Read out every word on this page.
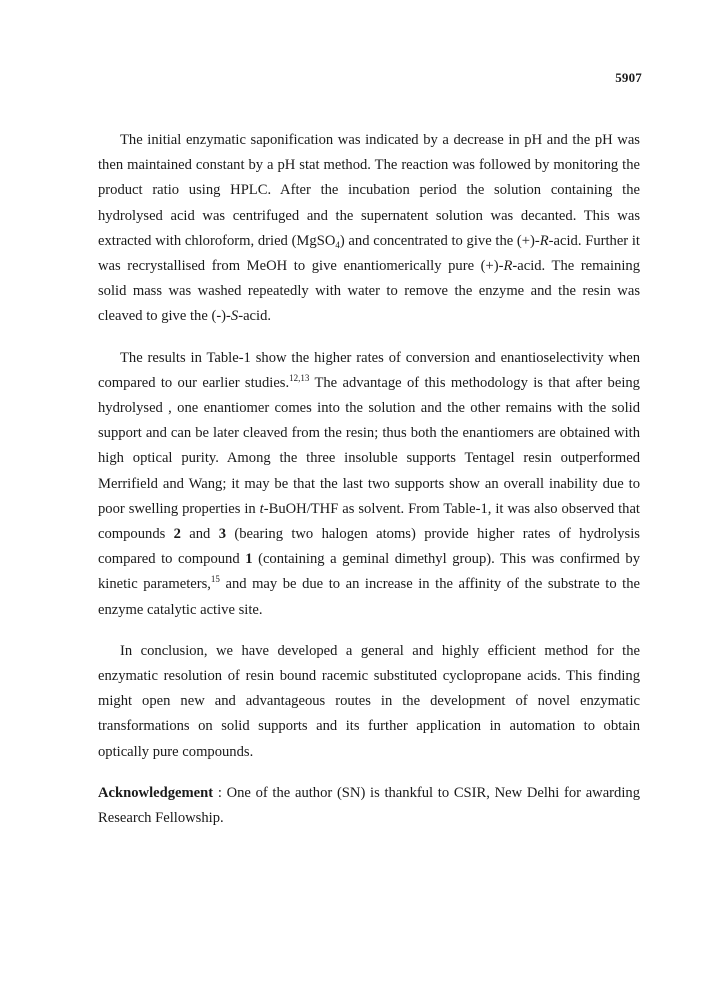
5907

The initial enzymatic saponification was indicated by a decrease in pH and the pH was then maintained constant by a pH stat method. The reaction was followed by monitoring the product ratio using HPLC. After the incubation period the solution containing the hydrolysed acid was centrifuged and the supernatent solution was decanted. This was extracted with chloroform, dried (MgSO$_4$) and concentrated to give the (+)-R-acid. Further it was recrystallised from MeOH to give enantiomerically pure (+)-R-acid. The remaining solid mass was washed repeatedly with water to remove the enzyme and the resin was cleaved to give the (-)-S-acid.

The results in Table-1 show the higher rates of conversion and enantioselectivity when compared to our earlier studies.$^{12,13}$ The advantage of this methodology is that after being hydrolysed , one enantiomer comes into the solution and the other remains with the solid support and can be later cleaved from the resin; thus both the enantiomers are obtained with high optical purity. Among the three insoluble supports Tentagel resin outperformed Merrifield and Wang; it may be that the last two supports show an overall inability due to poor swelling properties in t-BuOH/THF as solvent. From Table-1, it was also observed that compounds 2 and 3 (bearing two halogen atoms) provide higher rates of hydrolysis compared to compound 1 (containing a geminal dimethyl group). This was confirmed by kinetic parameters,$^{15}$ and may be due to an increase in the affinity of the substrate to the enzyme catalytic active site.

In conclusion, we have developed a general and highly efficient method for the enzymatic resolution of resin bound racemic substituted cyclopropane acids. This finding might open new and advantageous routes in the development of novel enzymatic transformations on solid supports and its further application in automation to obtain optically pure compounds.

Acknowledgement : One of the author (SN) is thankful to CSIR, New Delhi for awarding Research Fellowship.
